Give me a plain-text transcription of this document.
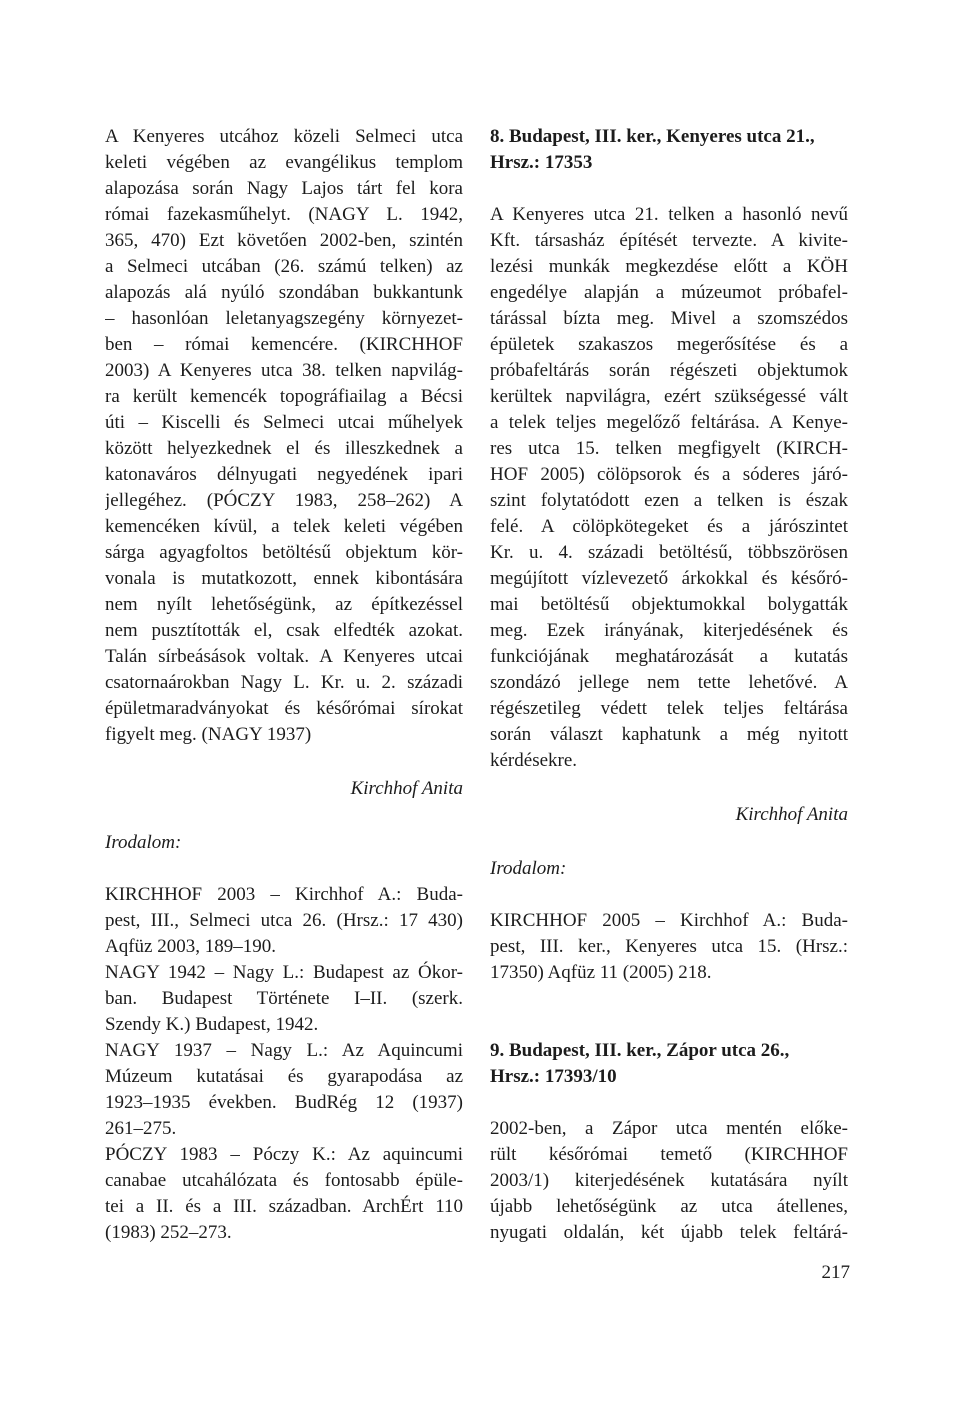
A Kenyeres utcához közeli Selmeci utca
keleti végében az evangélikus templom
alapozása során Nagy Lajos tárt fel kora
római fazekasműhelyt. (NAGY L. 1942,
365, 470) Ezt követően 2002-ben, szintén
a Selmeci utcában (26. számú telken) az
alapozás alá nyúló szondában bukkantunk
– hasonlóan leletanyagszegény környezet-
ben – római kemencére. (KIRCHHOF
2003) A Kenyeres utca 38. telken napvilág-
ra került kemencék topográfiailag a Bécsi
úti – Kiscelli és Selmeci utcai műhelyek
között helyezkednek el és illeszkednek a
katonaváros délnyugati negyedének ipari
jellegéhez. (PÓCZY 1983, 258–262) A
kemencéken kívül, a telek keleti végében
sárga agyagfoltos betöltésű objektum kör-
vonala is mutatkozott, ennek kibontására
nem nyílt lehetőségünk, az építkezéssel
nem pusztították el, csak elfedték azokat.
Talán sírbeásások voltak. A Kenyeres utcai
csatornaárokban Nagy L. Kr. u. 2. századi
épületmaradványokat és későrómai sírokat
figyelt meg. (NAGY 1937)
Kirchhof Anita
Irodalom:
KIRCHHOF 2003 – Kirchhof A.: Buda-
pest, III., Selmeci utca 26. (Hrsz.: 17 430)
Aqfüz 2003, 189–190.
NAGY 1942 – Nagy L.: Budapest az Ókor-
ban. Budapest Története I–II. (szerk.
Szendy K.) Budapest, 1942.
NAGY 1937 – Nagy L.: Az Aquincumi
Múzeum kutatásai és gyarapodása az
1923–1935 években. BudRég 12 (1937)
261–275.
PÓCZY 1983 – Póczy K.: Az aquincumi
canabae utcahálózata és fontosabb épüle-
tei a II. és a III. században. ArchÉrt 110
(1983) 252–273.
8. Budapest, III. ker., Kenyeres utca 21.,
Hrsz.: 17353
A Kenyeres utca 21. telken a hasonló nevű
Kft. társasház építését tervezte. A kivite-
lezési munkák megkezdése előtt a KÖH
engedélye alapján a múzeumot próbafel-
tárással bízta meg. Mivel a szomszédos
épületek szakaszos megerősítése és a
próbafeltárás során régészeti objektumok
kerültek napvilágra, ezért szükségessé vált
a telek teljes megelőző feltárása. A Kenye-
res utca 15. telken megfigyelt (KIRCH-
HOF 2005) cölöpsorok és a sóderes járó-
szint folytatódott ezen a telken is észak
felé. A cölöpkötegeket és a járószintet
Kr. u. 4. századi betöltésű, többszörösen
megújított vízlevezető árkokkal és későró-
mai betöltésű objektumokkal bolygatták
meg. Ezek irányának, kiterjedésének és
funkciójának meghatározását a kutatás
szondázó jellege nem tette lehetővé. A
régészetileg védett telek teljes feltárása
során választ kaphatunk a még nyitott
kérdésekre.
Kirchhof Anita
Irodalom:
KIRCHHOF 2005 – Kirchhof A.: Buda-
pest, III. ker., Kenyeres utca 15. (Hrsz.:
17350) Aqfüz 11 (2005) 218.
9. Budapest, III. ker., Zápor utca 26.,
Hrsz.: 17393/10
2002-ben, a Zápor utca mentén előke-
rült későrómai temető (KIRCHHOF
2003/1) kiterjedésének kutatására nyílt
újabb lehetőségünk az utca átellenes,
nyugati oldalán, két újabb telek feltárá-
217
